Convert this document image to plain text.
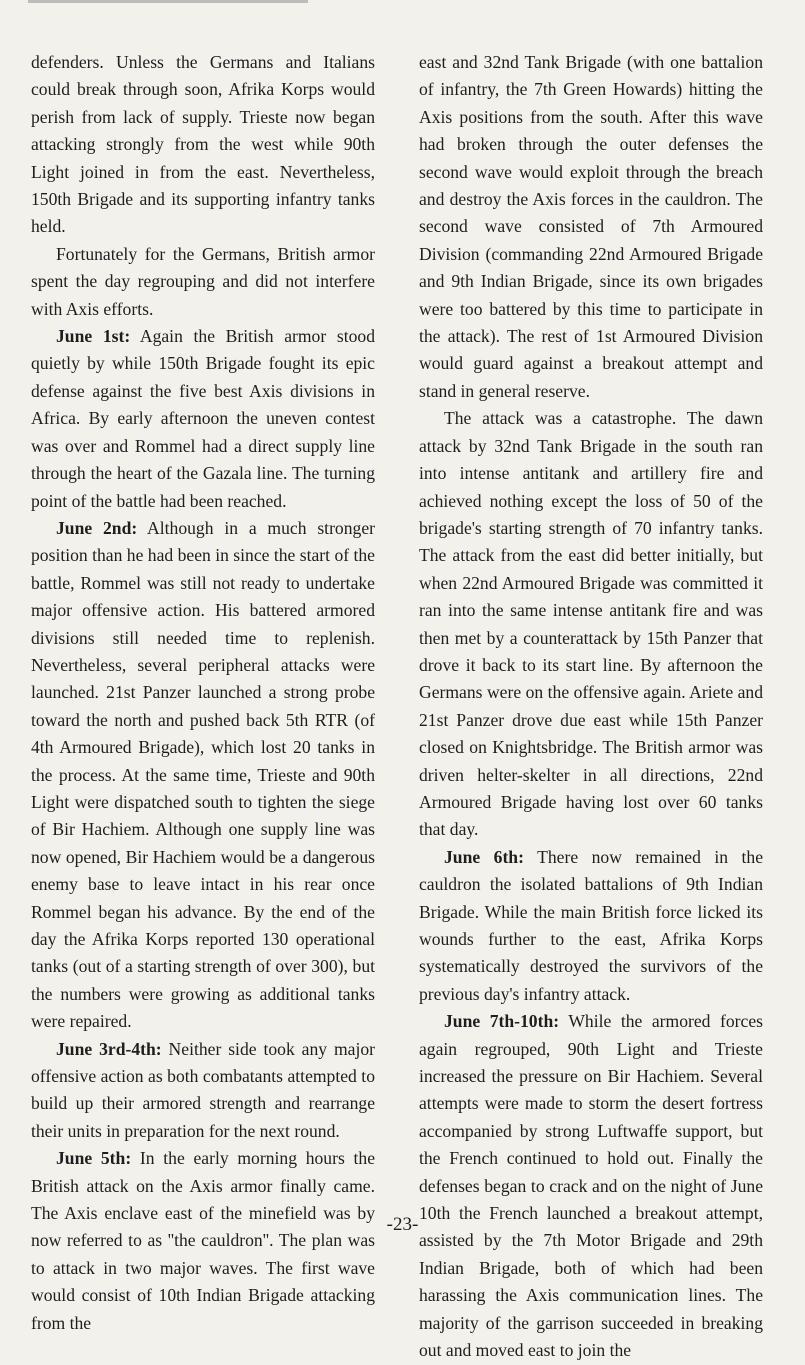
defenders. Unless the Germans and Italians could break through soon, Afrika Korps would perish from lack of supply. Trieste now began attacking strongly from the west while 90th Light joined in from the east. Nevertheless, 150th Brigade and its supporting infantry tanks held.

Fortunately for the Germans, British armor spent the day regrouping and did not interfere with Axis efforts.

June 1st: Again the British armor stood quietly by while 150th Brigade fought its epic defense against the five best Axis divisions in Africa. By early afternoon the uneven contest was over and Rommel had a direct supply line through the heart of the Gazala line. The turning point of the battle had been reached.

June 2nd: Although in a much stronger position than he had been in since the start of the battle, Rommel was still not ready to undertake major offensive action. His battered armored divisions still needed time to replenish. Nevertheless, several peripheral attacks were launched. 21st Panzer launched a strong probe toward the north and pushed back 5th RTR (of 4th Armoured Brigade), which lost 20 tanks in the process. At the same time, Trieste and 90th Light were dispatched south to tighten the siege of Bir Hachiem. Although one supply line was now opened, Bir Hachiem would be a dangerous enemy base to leave intact in his rear once Rommel began his advance. By the end of the day the Afrika Korps reported 130 operational tanks (out of a starting strength of over 300), but the numbers were growing as additional tanks were repaired.

June 3rd-4th: Neither side took any major offensive action as both combatants attempted to build up their armored strength and rearrange their units in preparation for the next round.

June 5th: In the early morning hours the British attack on the Axis armor finally came. The Axis enclave east of the minefield was by now referred to as ''the cauldron''. The plan was to attack in two major waves. The first wave would consist of 10th Indian Brigade attacking from the

east and 32nd Tank Brigade (with one battalion of infantry, the 7th Green Howards) hitting the Axis positions from the south. After this wave had broken through the outer defenses the second wave would exploit through the breach and destroy the Axis forces in the cauldron. The second wave consisted of 7th Armoured Division (commanding 22nd Armoured Brigade and 9th Indian Brigade, since its own brigades were too battered by this time to participate in the attack). The rest of 1st Armoured Division would guard against a breakout attempt and stand in general reserve.

The attack was a catastrophe. The dawn attack by 32nd Tank Brigade in the south ran into intense antitank and artillery fire and achieved nothing except the loss of 50 of the brigade's starting strength of 70 infantry tanks. The attack from the east did better initially, but when 22nd Armoured Brigade was committed it ran into the same intense antitank fire and was then met by a counterattack by 15th Panzer that drove it back to its start line. By afternoon the Germans were on the offensive again. Ariete and 21st Panzer drove due east while 15th Panzer closed on Knightsbridge. The British armor was driven helter-skelter in all directions, 22nd Armoured Brigade having lost over 60 tanks that day.

June 6th: There now remained in the cauldron the isolated battalions of 9th Indian Brigade. While the main British force licked its wounds further to the east, Afrika Korps systematically destroyed the survivors of the previous day's infantry attack.

June 7th-10th: While the armored forces again regrouped, 90th Light and Trieste increased the pressure on Bir Hachiem. Several attempts were made to storm the desert fortress accompanied by strong Luftwaffe support, but the French continued to hold out. Finally the defenses began to crack and on the night of June 10th the French launched a breakout attempt, assisted by the 7th Motor Brigade and 29th Indian Brigade, both of which had been harassing the Axis communication lines. The majority of the garrison succeeded in breaking out and moved east to join the

-23-
